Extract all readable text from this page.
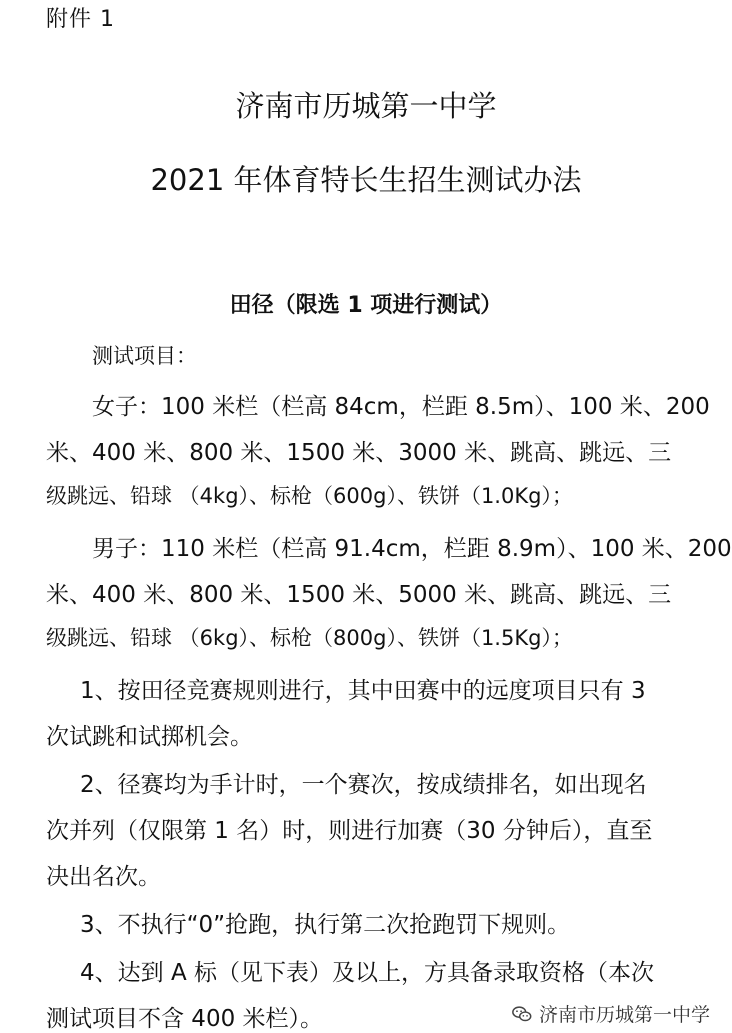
附件 1
济南市历城第一中学
2021 年体育特长生招生测试办法
田径（限选 1 项进行测试）
测试项目：
女子：100 米栏（栏高 84cm，栏距 8.5m）、100 米、200
米、400 米、800 米、1500 米、3000 米、跳高、跳远、三
级跳远、铅球 （4kg）、标枪（600g）、铁饼（1.0Kg）；
男子：110 米栏（栏高 91.4cm，栏距 8.9m）、100 米、200
米、400 米、800 米、1500 米、5000 米、跳高、跳远、三
级跳远、铅球 （6kg）、标枪（800g）、铁饼（1.5Kg）；
1、按田径竞赛规则进行，其中田赛中的远度项目只有 3
次试跳和试掷机会。
2、径赛均为手计时，一个赛次，按成绩排名，如出现名
次并列（仅限第 1 名）时，则进行加赛（30 分钟后），直至
决出名次。
3、不执行“0”抢跑，执行第二次抢跑罚下规则。
4、达到 A 标（见下表）及以上，方具备录取资格（本次
测试项目不含 400 米栏）。	济南市历城第一中学
